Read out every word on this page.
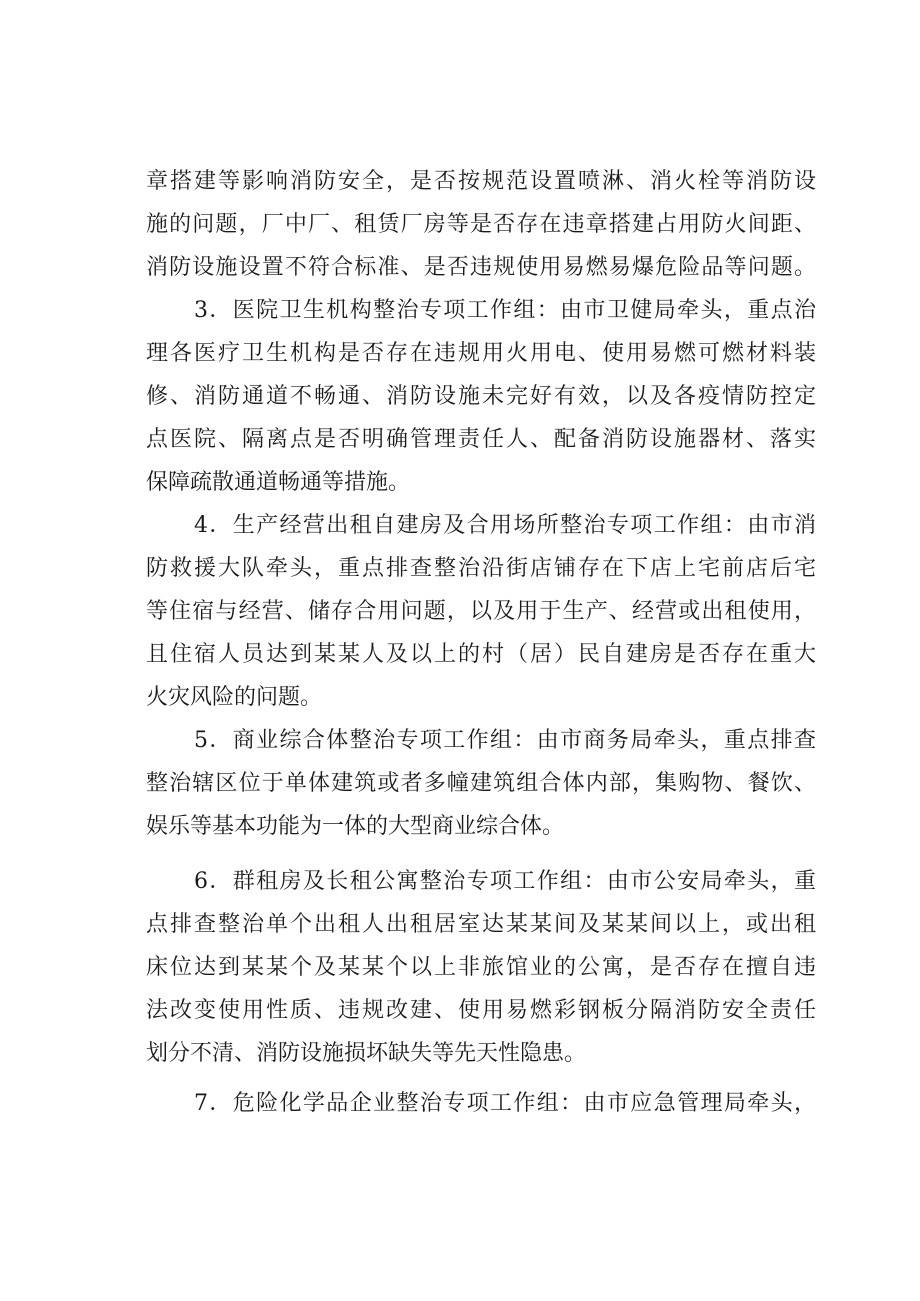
章搭建等影响消防安全，是否按规范设置喷淋、消火栓等消防设

施的问题，厂中厂、租赁厂房等是否存在违章搭建占用防火间距、

消防设施设置不符合标准、是否违规使用易燃易爆危险品等问题。

3．医院卫生机构整治专项工作组：由市卫健局牵头，重点治

理各医疗卫生机构是否存在违规用火用电、使用易燃可燃材料装

修、消防通道不畅通、消防设施未完好有效，以及各疫情防控定

点医院、隔离点是否明确管理责任人、配备消防设施器材、落实

保障疏散通道畅通等措施。

4．生产经营出租自建房及合用场所整治专项工作组：由市消

防救援大队牵头，重点排查整治沿街店铺存在下店上宅前店后宅

等住宿与经营、储存合用问题，以及用于生产、经营或出租使用，

且住宿人员达到某某人及以上的村（居）民自建房是否存在重大

火灾风险的问题。

5．商业综合体整治专项工作组：由市商务局牵头，重点排查

整治辖区位于单体建筑或者多幢建筑组合体内部，集购物、餐饮、

娱乐等基本功能为一体的大型商业综合体。

6．群租房及长租公寓整治专项工作组：由市公安局牵头，重

点排查整治单个出租人出租居室达某某间及某某间以上，或出租

床位达到某某个及某某个以上非旅馆业的公寓，是否存在擅自违

法改变使用性质、违规改建、使用易燃彩钢板分隔消防安全责任

划分不清、消防设施损坏缺失等先天性隐患。

7．危险化学品企业整治专项工作组：由市应急管理局牵头，
